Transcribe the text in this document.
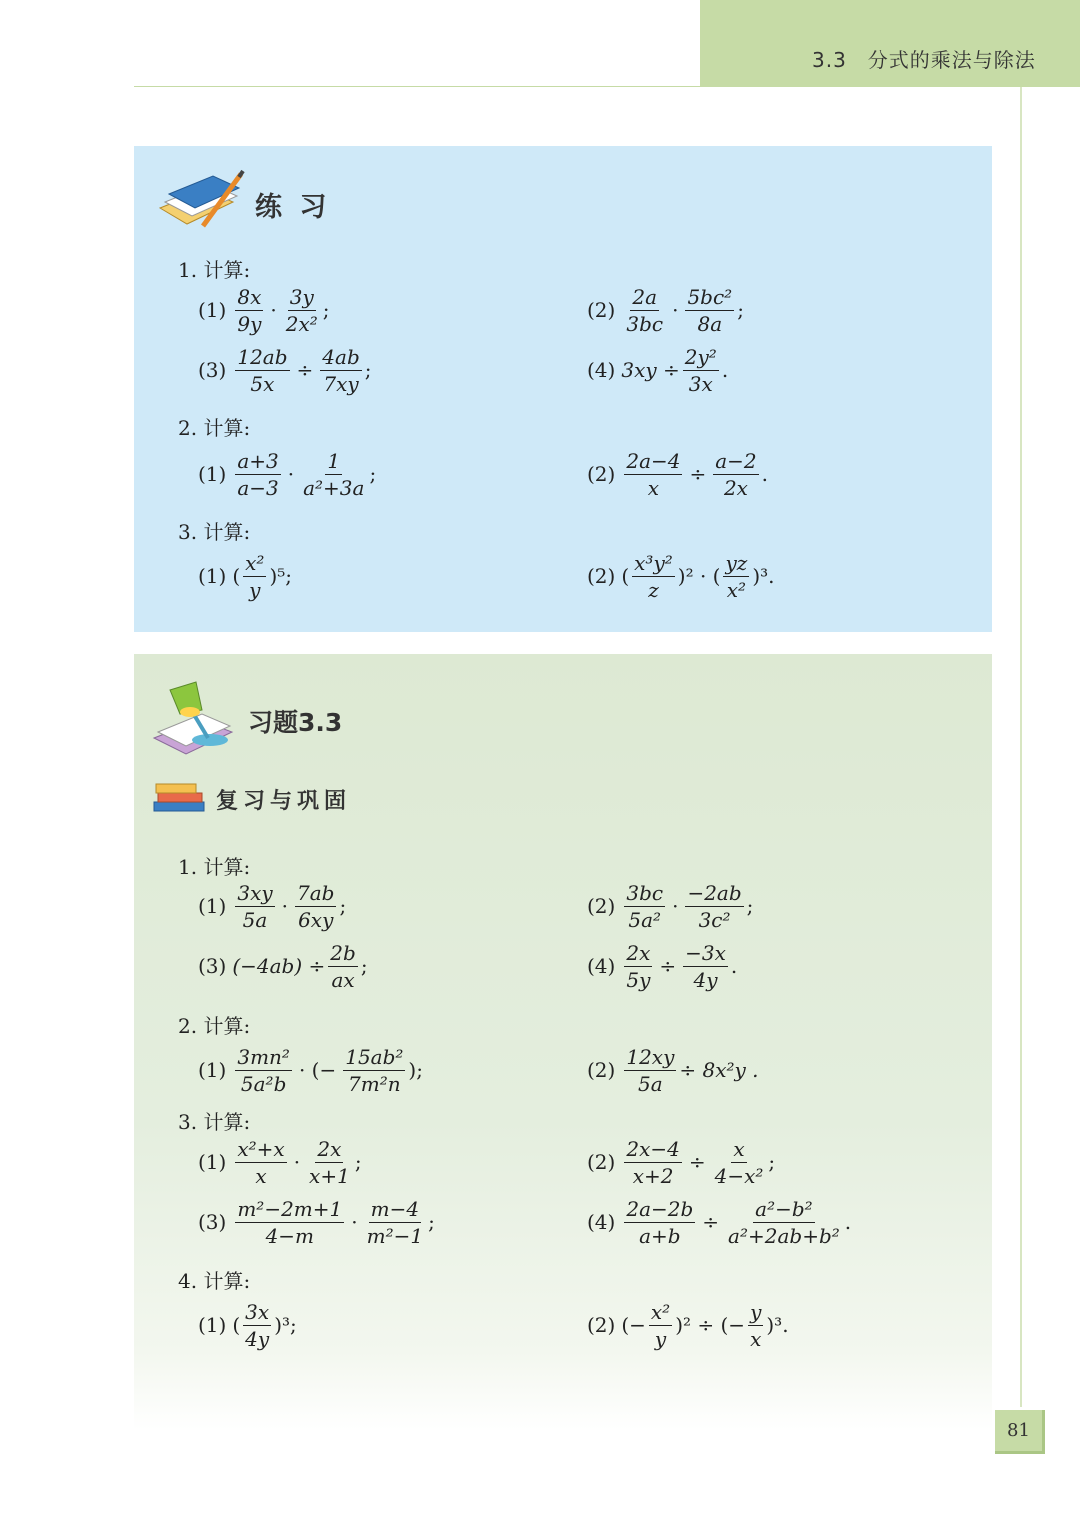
3.3　分式的乘法与除法
练 习
1. 计算:
$(1) \frac{8x}{9y} \cdot \frac{3y}{\text{2x²}}$ ;	$(2) \frac{2a}{3bc} \cdot \frac{\text{5bc²}}{8a}$ ;
$(3) \frac{12ab}{5x} \div \frac{4ab}{7xy}$ ;	(4) $3xy \div \frac{\text{2y²}}{3x}$ .
2. 计算:
$(1) \frac{a+3}{a-3} \cdot \frac{1}{\text{a²+3a}}$ ;	$(2) \frac{2a-4}{x} \div \frac{a-2}{2x}$ .
3. 计算:
(1) ( $\frac{\text{x²}}{y} )^5$;	(2) ( $\frac{\text{x³y²}}{z} )^2$ · ( $\frac{yz}{\text{x²}} )^3$.
习题3.3
复习与巩固
1. 计算:
$(1) \frac{3xy}{5a} \cdot \frac{7ab}{6xy}$ ;	$(2) \frac{3bc}{\text{5a²}} \cdot \frac{-2ab}{\text{3c²}}$ ;
(3) $(-4ab) \div \frac{2b}{ax}$ ;	$(4) \frac{2x}{5y} \div \frac{-3x}{4y}$ .
2. 计算:
$(1) \frac{\text{3mn²}}{\text{5a²b}}$ · (− $\frac{\text{15ab²}}{\text{7m²n}}$ );	$(2) \frac{12xy}{5a} \div 8x^2y$ .
3. 计算:
$(1) \frac{\text{x²+x}}{x} \cdot \frac{2x}{x+1}$ ;	$(2) \frac{2x-4}{x+2} \div \frac{x}{\text{4−x²}}$ ;
$(3) \frac{\text{m²−2m+1}}{4-m} \cdot \frac{m-4}{\text{m²−1}}$ ;	$(4) \frac{2a-2b}{a+b} \div \frac{\text{a²−b²}}{\text{a²+2ab+b²}}$ .
4. 计算:
(1) ( $\frac{3x}{4y} )^3$;	(2) (− $\frac{\text{x²}}{y} )^2$ ÷ (− $\frac{y}{x} )^3$.
81
